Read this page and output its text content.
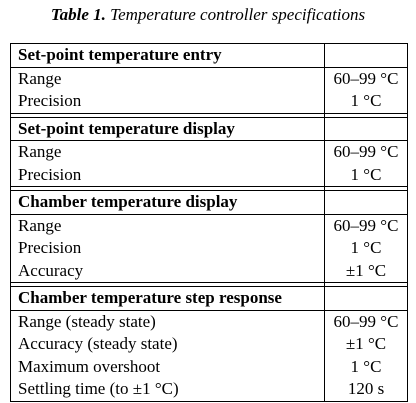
Table 1. Temperature controller specifications
Set-point temperature entry	
Range	60–99 °C
Precision	1 °C

Set-point temperature display	
Range	60–99 °C
Precision	1 °C

Chamber temperature display	
Range	60–99 °C
Precision	1 °C
Accuracy	±1 °C

Chamber temperature step response	
Range (steady state)	60–99 °C
Accuracy (steady state)	±1 °C
Maximum overshoot	1 °C
Settling time (to ±1 °C)	120 s
